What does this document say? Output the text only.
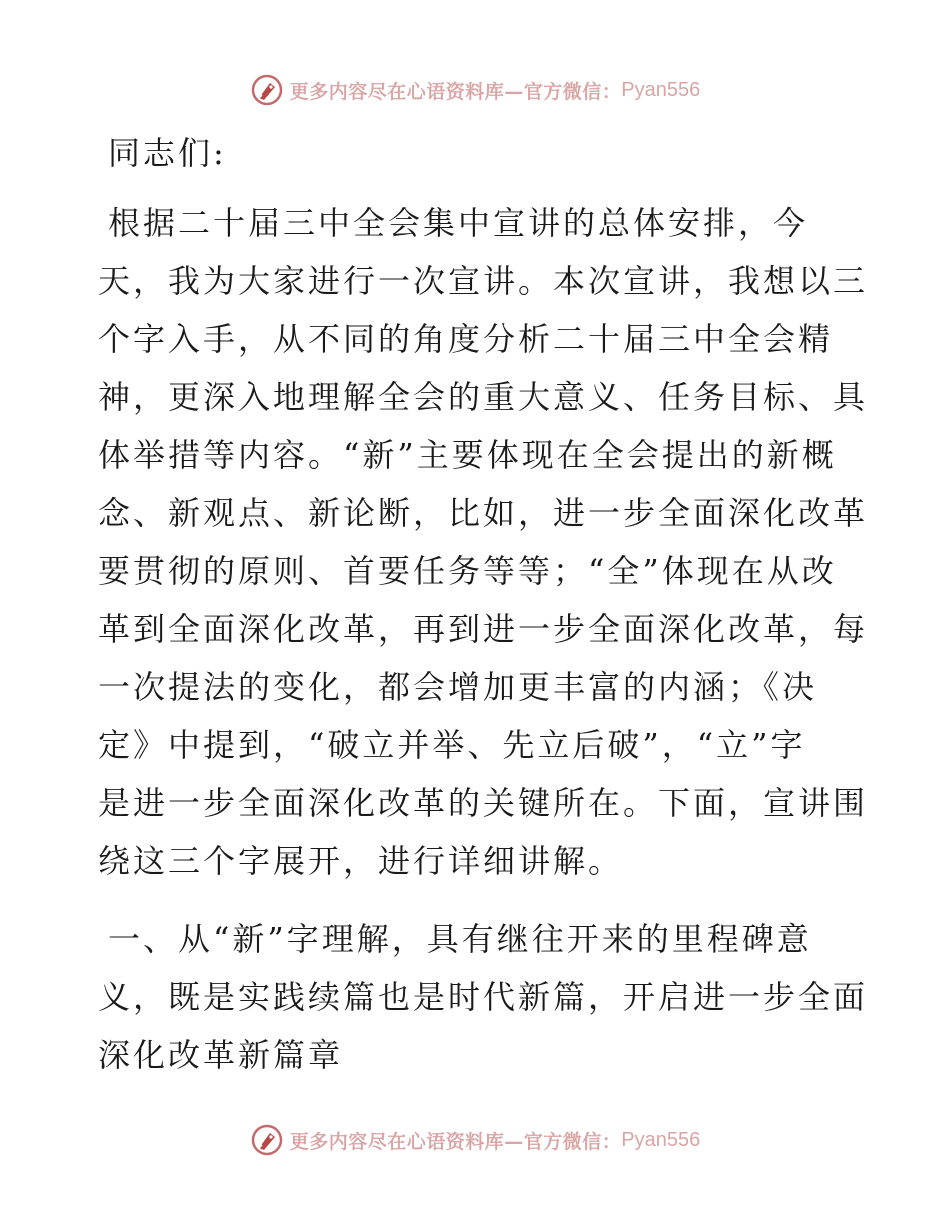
更多内容尽在心语资料库—官方微信： Pyan556

同志们:

根据二十届三中全会集中宣讲的总体安排，今
天，我为大家进行一次宣讲。本次宣讲，我想以三
个字入手，从不同的角度分析二十届三中全会精
神，更深入地理解全会的重大意义、任务目标、具
体举措等内容。“新”主要体现在全会提出的新概
念、新观点、新论断，比如，进一步全面深化改革
要贯彻的原则、首要任务等等；“全”体现在从改
革到全面深化改革，再到进一步全面深化改革，每
一次提法的变化，都会增加更丰富的内涵；《决
定》中提到，“破立并举、先立后破”，“立”字
是进一步全面深化改革的关键所在。下面，宣讲围
绕这三个字展开，进行详细讲解。
一、从“新”字理解，具有继往开来的里程碑意
义，既是实践续篇也是时代新篇，开启进一步全面
深化改革新篇章
更多内容尽在心语资料库—官方微信： Pyan556
